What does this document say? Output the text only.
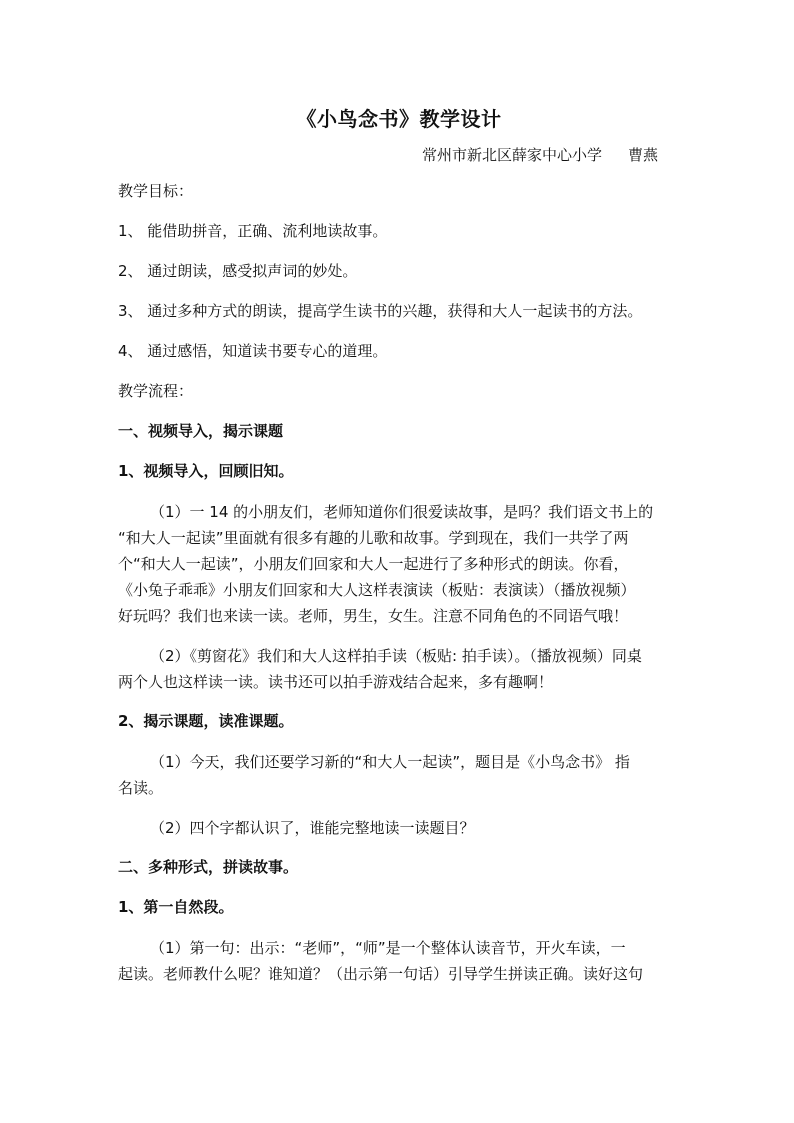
《小鸟念书》教学设计
常州市新北区薛家中心小学 曹燕
教学目标：
1、 能借助拼音，正确、流利地读故事。
2、 通过朗读，感受拟声词的妙处。
3、 通过多种方式的朗读，提高学生读书的兴趣，获得和大人一起读书的方法。
4、 通过感悟，知道读书要专心的道理。
教学流程：
一、视频导入，揭示课题
1、视频导入，回顾旧知。
（1）一 14 的小朋友们，老师知道你们很爱读故事，是吗？我们语文书上的
“和大人一起读”里面就有很多有趣的儿歌和故事。学到现在，我们一共学了两
个“和大人一起读”，小朋友们回家和大人一起进行了多种形式的朗读。你看，
《小兔子乖乖》小朋友们回家和大人这样表演读（板贴：表演读）（播放视频）
好玩吗？我们也来读一读。老师，男生，女生。注意不同角色的不同语气哦！
（2）《剪窗花》我们和大人这样拍手读（板贴: 拍手读）。（播放视频）同桌
两个人也这样读一读。读书还可以拍手游戏结合起来，多有趣啊！
2、揭示课题，读准课题。
（1）今天，我们还要学习新的“和大人一起读”，题目是《小鸟念书》 指
名读。
（2）四个字都认识了，谁能完整地读一读题目？
二、多种形式，拼读故事。
1、第一自然段。
（1）第一句：出示：“老师”，“师”是一个整体认读音节，开火车读，一
起读。老师教什么呢？谁知道？（出示第一句话）引导学生拼读正确。读好这句
